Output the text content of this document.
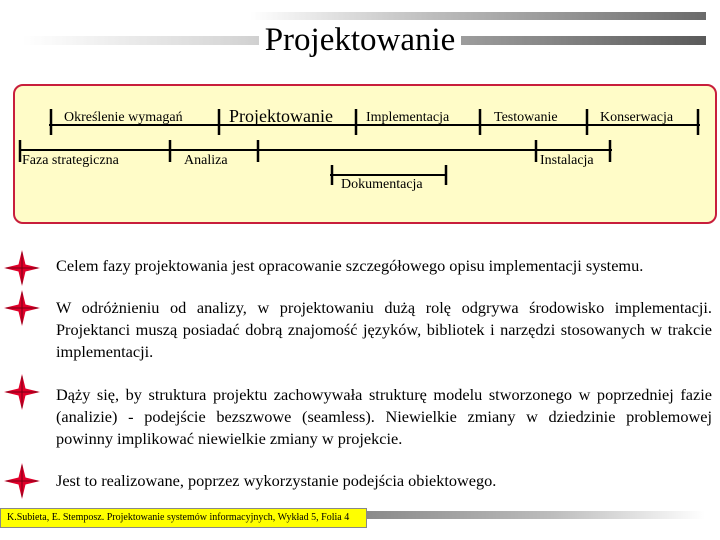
Projektowanie
Określenie wymagań	Projektowanie Implementacja	Testowanie	Konserwacja
Faza strategiczna	Analiza	Instalacja
Dokumentacja
Celem fazy projektowania jest opracowanie szczegółowego opisu implementacji systemu.
W odróżnieniu od analizy, w projektowaniu dużą rolę odgrywa środowisko implementacji. Projektanci muszą posiadać dobrą znajomość języków, bibliotek i narzędzi stosowanych w trakcie implementacji.
Dąży się, by struktura projektu zachowywała strukturę modelu stworzonego w poprzedniej fazie (analizie) - podejście bezszwowe (seamless). Niewielkie zmiany w dziedzinie problemowej powinny implikować niewielkie zmiany w projekcie.
Jest to realizowane, poprzez wykorzystanie podejścia obiektowego.
K.Subieta, E. Stemposz. Projektowanie systemów informacyjnych, Wykład 5, Folia 4
